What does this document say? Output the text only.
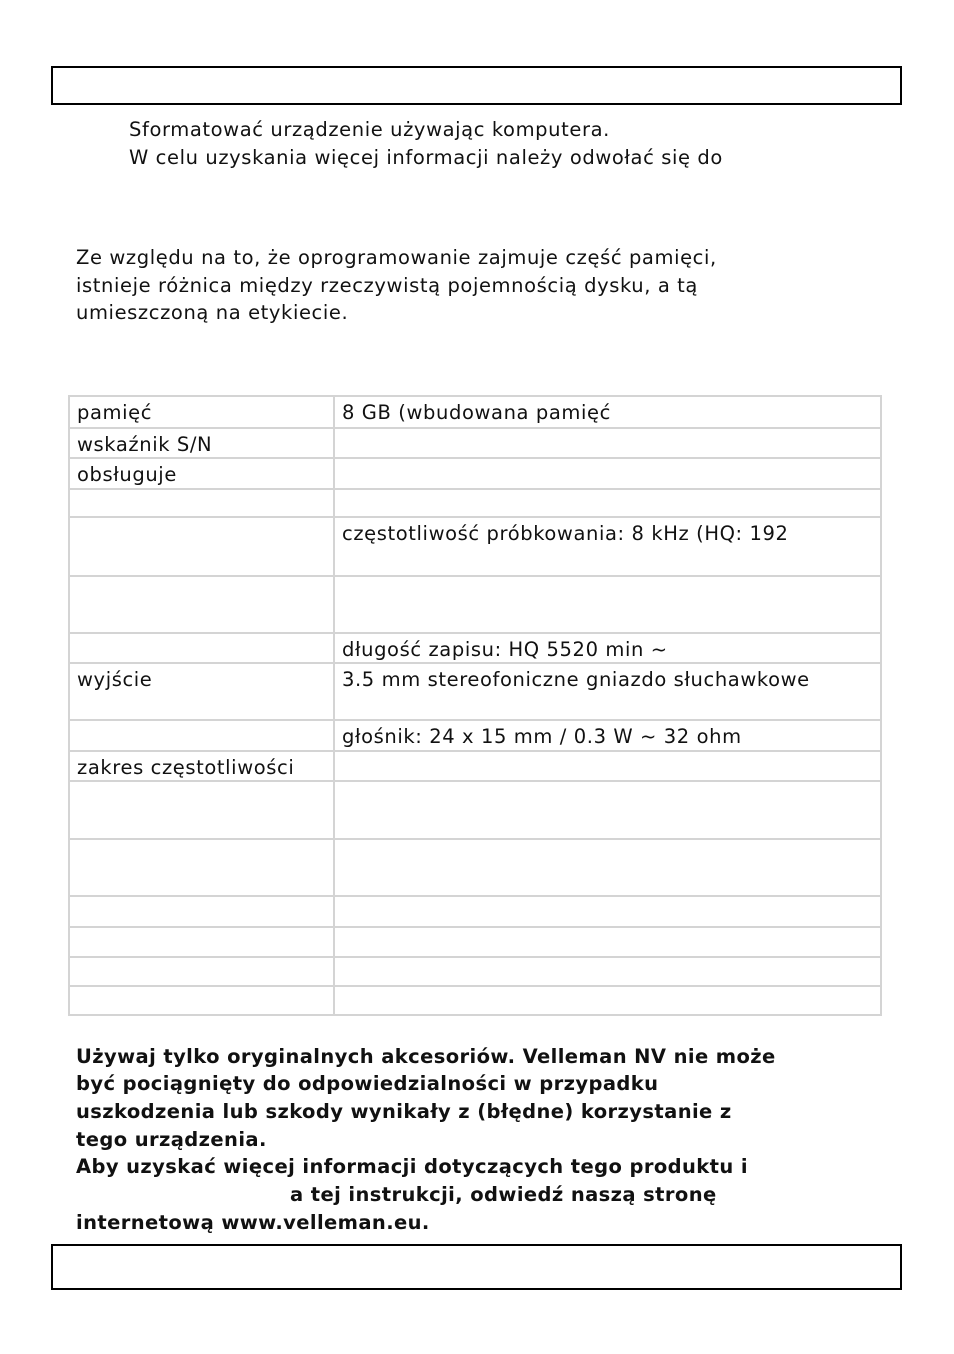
Sformatować urządzenie używając komputera.
W celu uzyskania więcej informacji należy odwołać się do
Ze względu na to, że oprogramowanie zajmuje część pamięci,
istnieje różnica między rzeczywistą pojemnością dysku, a tą
umieszczoną na etykiecie.
pamięć	8 GB (wbudowana pamięć
wskaźnik S/N	
obsługuje	

	częstotliwość próbkowania: 8 kHz (HQ: 192

	długość zapisu: HQ 5520 min ~
wyjście	3.5 mm stereofoniczne gniazdo słuchawkowe
	głośnik: 24 x 15 mm / 0.3 W ~ 32 ohm
zakres częstotliwości	

Używaj tylko oryginalnych akcesoriów. Velleman NV nie może
być pociągnięty do odpowiedzialności w przypadku
uszkodzenia lub szkody wynikały z (błędne) korzystanie z
tego urządzenia.
Aby uzyskać więcej informacji dotyczących tego produktu i
a tej instrukcji, odwiedź naszą stronę
internetową www.velleman.eu.
